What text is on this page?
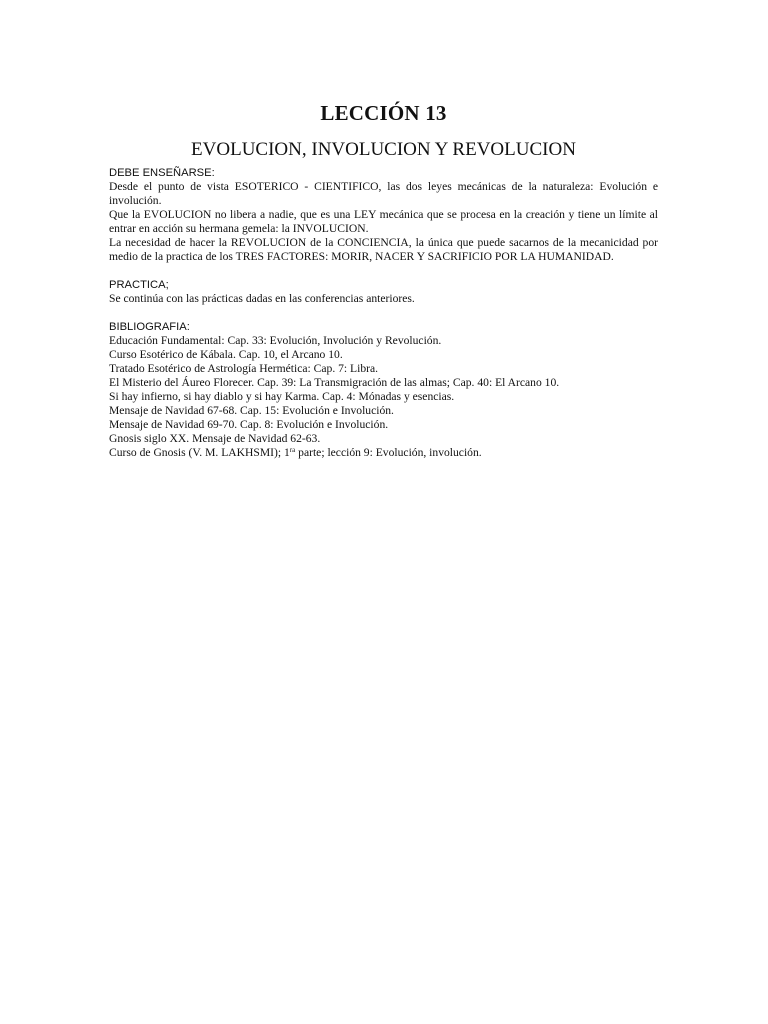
LECCIÓN 13
EVOLUCION, INVOLUCION Y REVOLUCION

DEBE ENSEÑARSE:

Desde el punto de vista ESOTERICO - CIENTIFICO, las dos leyes mecánicas de la naturaleza: Evolución e involución.

Que la EVOLUCION no libera a nadie, que es una LEY mecánica que se procesa en la creación y tiene un límite al entrar en acción su hermana gemela: la INVOLUCION.

La necesidad de hacer la REVOLUCION de la CONCIENCIA, la única que puede sacarnos de la mecanicidad por medio de la practica de los TRES FACTORES: MORIR, NACER Y SACRIFICIO POR LA HUMANIDAD.

PRACTICA;

Se continúa con las prácticas dadas en las conferencias anteriores.

BIBLIOGRAFIA:

Educación Fundamental: Cap. 33: Evolución, Involución y Revolución.
Curso Esotérico de Kábala. Cap. 10, el Arcano 10.
Tratado Esotérico de Astrología Hermética: Cap. 7: Libra.
El Misterio del Áureo Florecer. Cap. 39: La Transmigración de las almas; Cap. 40: El Arcano 10.
Si hay infierno, si hay diablo y si hay Karma. Cap. 4: Mónadas y esencias.
Mensaje de Navidad 67-68. Cap. 15: Evolución e Involución.
Mensaje de Navidad 69-70. Cap. 8: Evolución e Involución.
Gnosis siglo XX. Mensaje de Navidad 62-63.
Curso de Gnosis (V. M. LAKHSMI); $1^{ra}$ parte; lección 9: Evolución, involución.
